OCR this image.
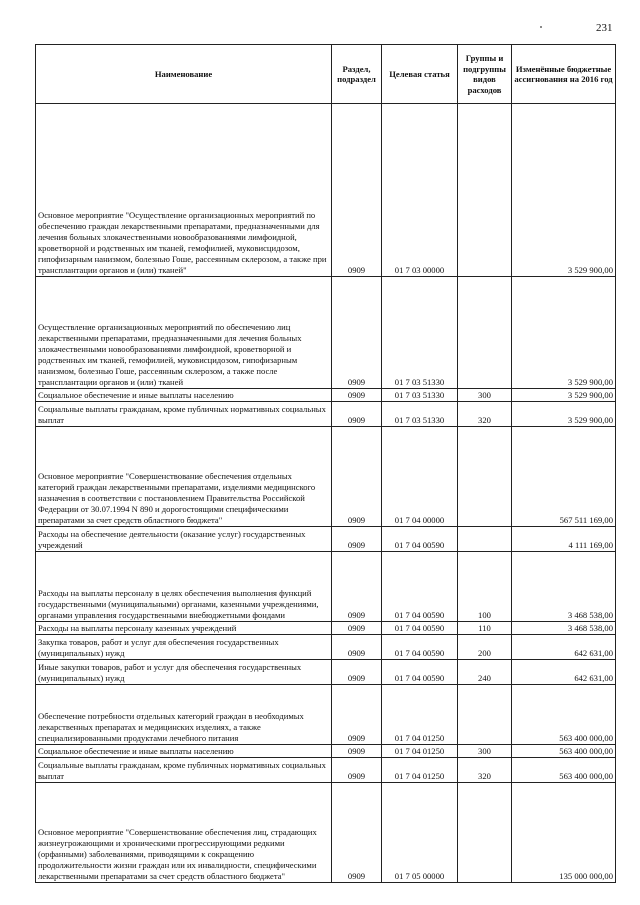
231
Наименование	Раздел, подраздел	Целевая статья	Группы и подгруппы видов расходов	Изменённые бюджетные ассигнования на 2016 год
Основное мероприятие "Осуществление организационных мероприятий по обеспечению граждан лекарственными препаратами, предназначенными для лечения больных злокачественными новообразованиями лимфоидной, кроветворной и родственных им тканей, гемофилией, муковисцидозом, гипофизарным нанизмом, болезнью Гоше, рассеянным склерозом, а также при трансплантации органов и (или) тканей"	0909	01 7 03 00000		3 529 900,00
Осуществление организационных мероприятий по обеспечению лиц лекарственными препаратами, предназначенными для лечения больных злокачественными новообразованиями лимфоидной, кроветворной и родственных им тканей, гемофилией, муковисцидозом, гипофизарным нанизмом, болезнью Гоше, рассеянным склерозом, а также после трансплантации органов и (или) тканей	0909	01 7 03 51330		3 529 900,00
Социальное обеспечение и иные выплаты населению	0909	01 7 03 51330	300	3 529 900,00
Социальные выплаты гражданам, кроме публичных нормативных социальных выплат	0909	01 7 03 51330	320	3 529 900,00
Основное мероприятие "Совершенствование обеспечения отдельных категорий граждан лекарственными препаратами, изделиями медицинского назначения в соответствии с постановлением Правительства Российской Федерации от 30.07.1994 N 890 и дорогостоящими специфическими препаратами за счет средств областного бюджета"	0909	01 7 04 00000		567 511 169,00
Расходы на обеспечение деятельности (оказание услуг) государственных учреждений	0909	01 7 04 00590		4 111 169,00
Расходы на выплаты персоналу в целях обеспечения выполнения функций государственными (муниципальными) органами, казенными учреждениями, органами управления государственными внебюджетными фондами	0909	01 7 04 00590	100	3 468 538,00
Расходы на выплаты персоналу казенных учреждений	0909	01 7 04 00590	110	3 468 538,00
Закупка товаров, работ и услуг для обеспечения государственных (муниципальных) нужд	0909	01 7 04 00590	200	642 631,00
Иные закупки товаров, работ и услуг для обеспечения государственных (муниципальных) нужд	0909	01 7 04 00590	240	642 631,00
Обеспечение потребности отдельных категорий граждан в необходимых лекарственных препаратах и медицинских изделиях, а также специализированными продуктами лечебного питания	0909	01 7 04 01250		563 400 000,00
Социальное обеспечение и иные выплаты населению	0909	01 7 04 01250	300	563 400 000,00
Социальные выплаты гражданам, кроме публичных нормативных социальных выплат	0909	01 7 04 01250	320	563 400 000,00
Основное мероприятие "Совершенствование обеспечения лиц, страдающих жизнеугрожающими и хроническими прогрессирующими редкими (орфанными) заболеваниями, приводящими к сокращению продолжительности жизни граждан или их инвалидности, специфическими лекарственными препаратами за счет средств областного бюджета"	0909	01 7 05 00000		135 000 000,00
